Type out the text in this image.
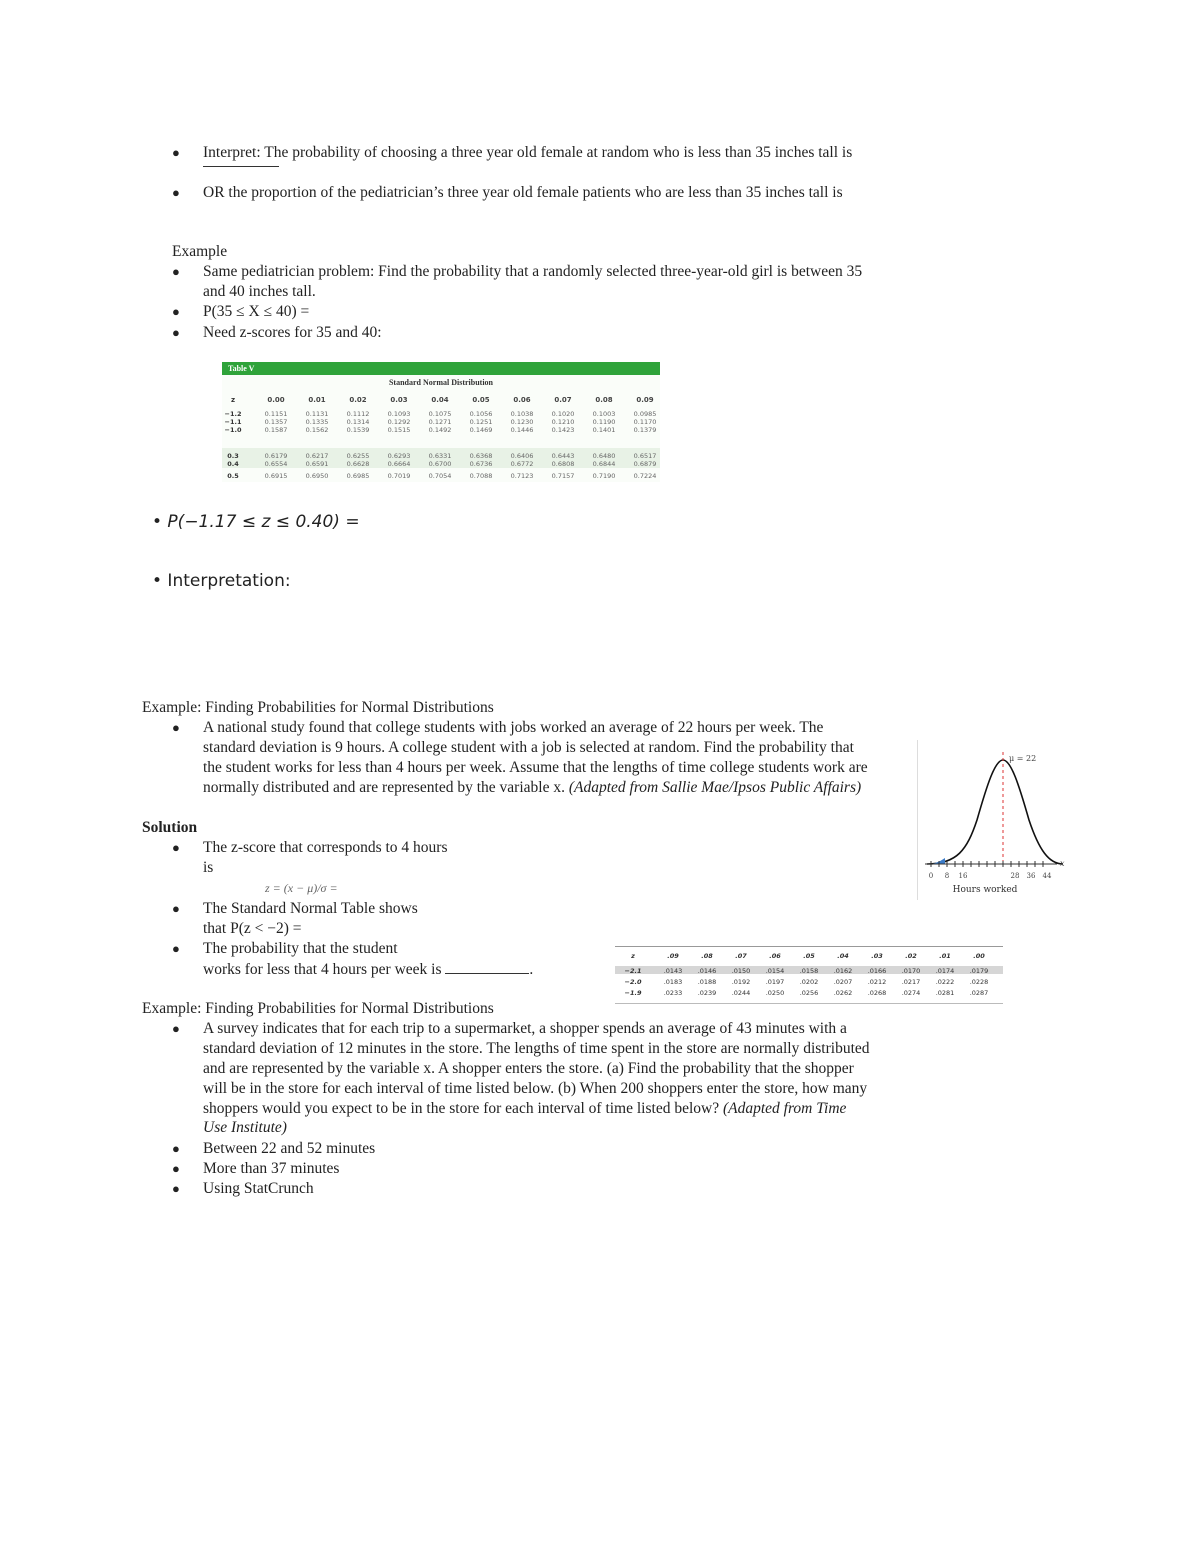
● Interpret: The probability of choosing a three year old female at random who is less than 35 inches tall is
● OR the proportion of the pediatrician’s three year old female patients who are less than 35 inches tall is
Example
● Same pediatrician problem: Find the probability that a randomly selected three-year-old girl is between 35
and 40 inches tall.
● P(35 ≤ X ≤ 40) =
● Need z-scores for 35 and 40:
Table V
Standard Normal Distribution
z	0.00	0.01	0.02	0.03	0.04	0.05	0.06	0.07	0.08	0.09
−1.2	0.1151	0.1131	0.1112	0.1093	0.1075	0.1056	0.1038	0.1020	0.1003	0.0985
−1.1	0.1357	0.1335	0.1314	0.1292	0.1271	0.1251	0.1230	0.1210	0.1190	0.1170
−1.0	0.1587	0.1562	0.1539	0.1515	0.1492	0.1469	0.1446	0.1423	0.1401	0.1379
0.3	0.6179	0.6217	0.6255	0.6293	0.6331	0.6368	0.6406	0.6443	0.6480	0.6517
0.4	0.6554	0.6591	0.6628	0.6664	0.6700	0.6736	0.6772	0.6808	0.6844	0.6879
0.5	0.6915	0.6950	0.6985	0.7019	0.7054	0.7088	0.7123	0.7157	0.7190	0.7224
• P(−1.17 ≤ z ≤ 0.40) =
• Interpretation:
Example: Finding Probabilities for Normal Distributions
● A national study found that college students with jobs worked an average of 22 hours per week. The
standard deviation is 9 hours. A college student with a job is selected at random. Find the probability that
the student works for less than 4 hours per week. Assume that the lengths of time college students work are
normally distributed and are represented by the variable x. (Adapted from Sallie Mae/Ipsos Public Affairs)
μ = 22
x
0 8 16	28 36 44
Hours worked
Solution
● The z-score that corresponds to 4 hours
is
z = (x − μ)/σ =
● The Standard Normal Table shows
that P(z < −2) =
● The probability that the student
works for less that 4 hours per week is	.
z	.09	.08	.07	.06	.05	.04	.03	.02	.01	.00
−2.1	.0143	.0146	.0150	.0154	.0158	.0162	.0166	.0170	.0174	.0179
−2.0	.0183	.0188	.0192	.0197	.0202	.0207	.0212	.0217	.0222	.0228
−1.9	.0233	.0239	.0244	.0250	.0256	.0262	.0268	.0274	.0281	.0287
Example: Finding Probabilities for Normal Distributions
● A survey indicates that for each trip to a supermarket, a shopper spends an average of 43 minutes with a
standard deviation of 12 minutes in the store. The lengths of time spent in the store are normally distributed
and are represented by the variable x. A shopper enters the store. (a) Find the probability that the shopper
will be in the store for each interval of time listed below. (b) When 200 shoppers enter the store, how many
shoppers would you expect to be in the store for each interval of time listed below? (Adapted from Time
Use Institute)
● Between 22 and 52 minutes
● More than 37 minutes
● Using StatCrunch
